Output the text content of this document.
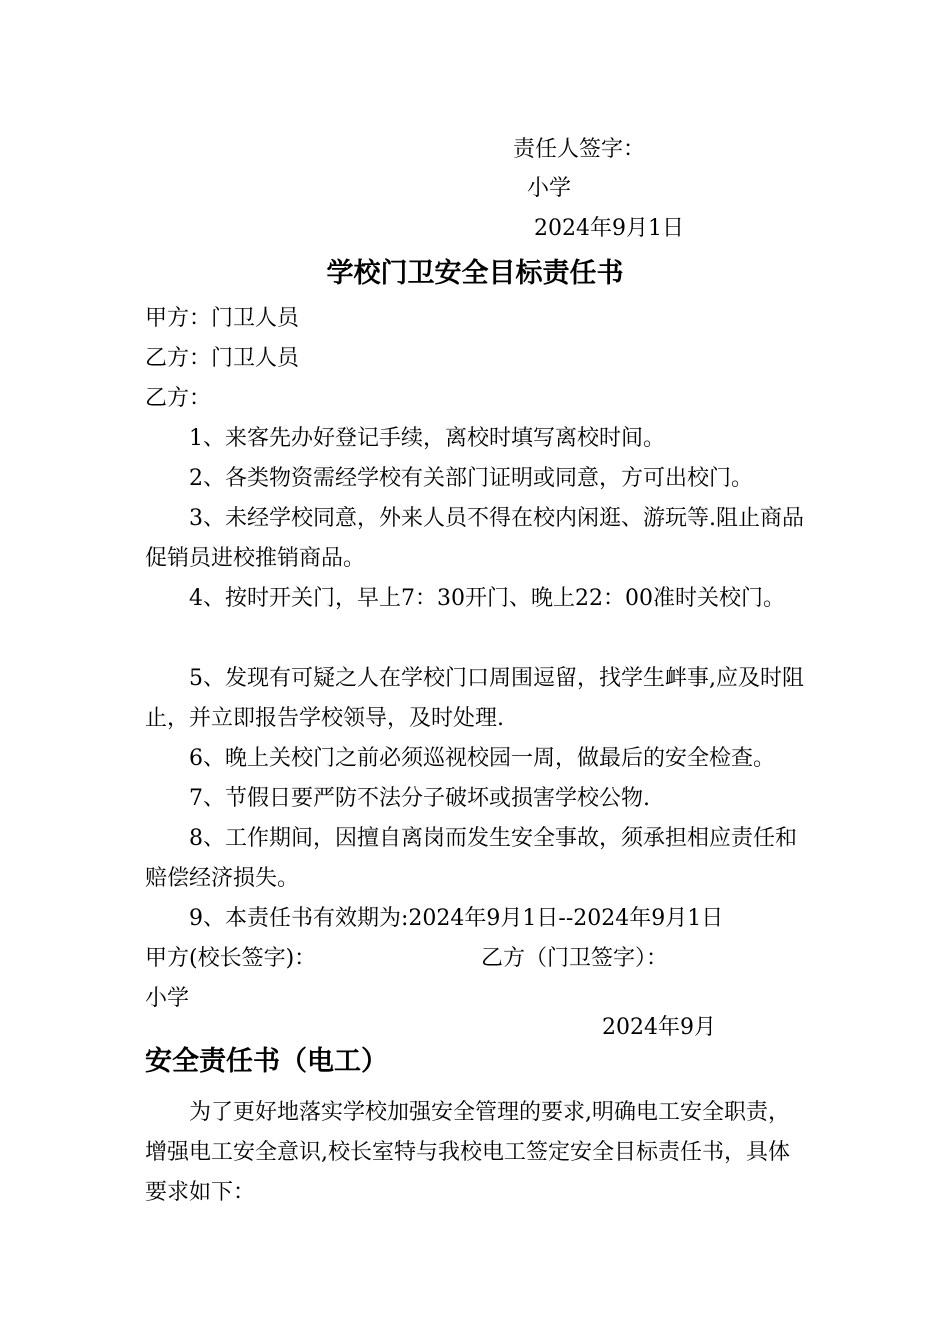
责任人签字：
小学
2024年9月1日
学校门卫安全目标责任书
甲方：门卫人员
乙方：门卫人员
乙方：
1、来客先办好登记手续，离校时填写离校时间。
2、各类物资需经学校有关部门证明或同意，方可出校门。
3、未经学校同意，外来人员不得在校内闲逛、游玩等.阻止商品促销员进校推销商品。
4、按时开关门，早上7：30开门、晚上22：00准时关校门。
5、发现有可疑之人在学校门口周围逗留，找学生衅事,应及时阻止，并立即报告学校领导，及时处理.
6、晚上关校门之前必须巡视校园一周，做最后的安全检查。
7、节假日要严防不法分子破坏或损害学校公物.
8、工作期间，因擅自离岗而发生安全事故，须承担相应责任和赔偿经济损失。
9、本责任书有效期为:2024年9月1日--2024年9月1日
甲方(校长签字)：	乙方（门卫签字）：
小学
2024年9月
安全责任书（电工）
为了更好地落实学校加强安全管理的要求,明确电工安全职责，增强电工安全意识,校长室特与我校电工签定安全目标责任书，具体要求如下：
